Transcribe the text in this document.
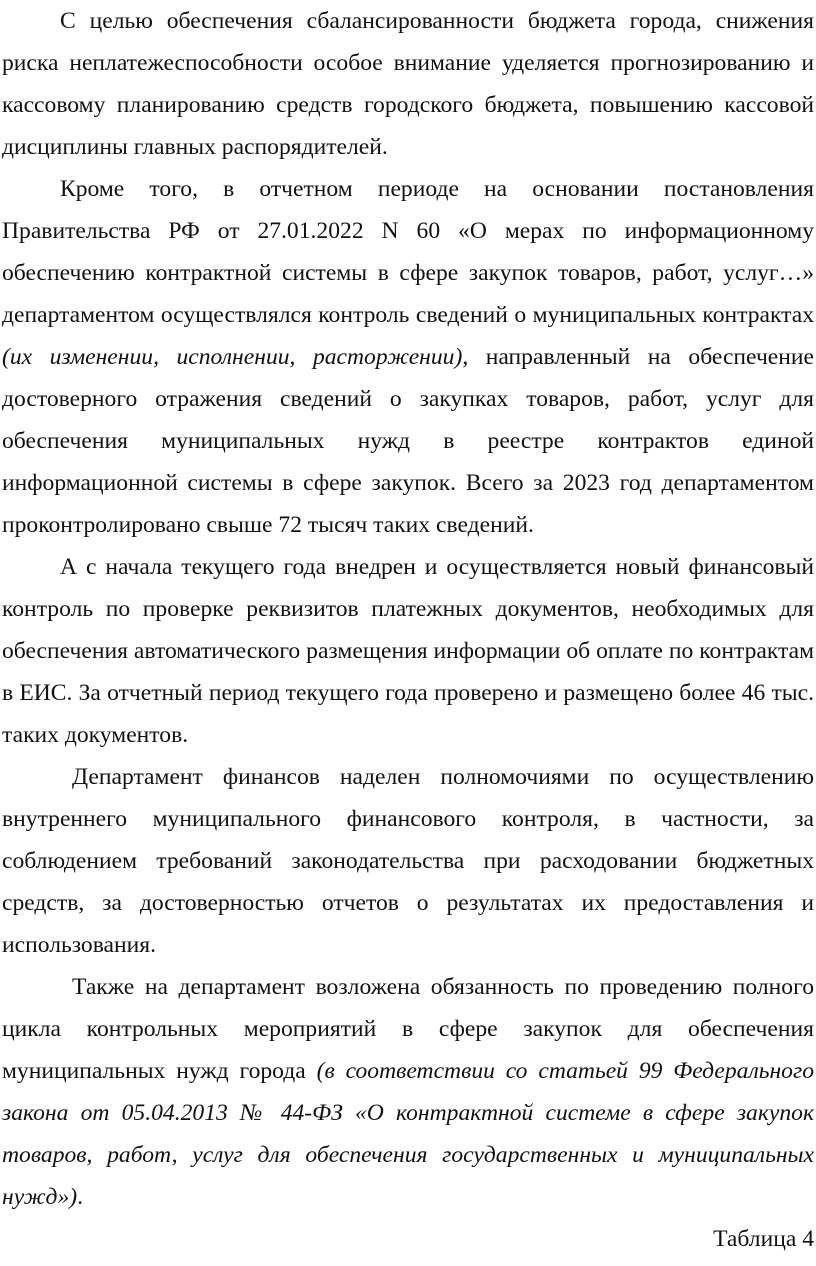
С целью обеспечения сбалансированности бюджета города, снижения риска неплатежеспособности особое внимание уделяется прогнозированию и кассовому планированию средств городского бюджета, повышению кассовой дисциплины главных распорядителей.

Кроме того, в отчетном периоде на основании постановления Правительства РФ от 27.01.2022 N 60 «О мерах по информационному обеспечению контрактной системы в сфере закупок товаров, работ, услуг…» департаментом осуществлялся контроль сведений о муниципальных контрактах (их изменении, исполнении, расторжении), направленный на обеспечение достоверного отражения сведений о закупках товаров, работ, услуг для обеспечения муниципальных нужд в реестре контрактов единой информационной системы в сфере закупок. Всего за 2023 год департаментом проконтролировано свыше 72 тысяч таких сведений.

А с начала текущего года внедрен и осуществляется новый финансовый контроль по проверке реквизитов платежных документов, необходимых для обеспечения автоматического размещения информации об оплате по контрактам в ЕИС. За отчетный период текущего года проверено и размещено более 46 тыс. таких документов.

Департамент финансов наделен полномочиями по осуществлению внутреннего муниципального финансового контроля, в частности, за соблюдением требований законодательства при расходовании бюджетных средств, за достоверностью отчетов о результатах их предоставления и использования.

Также на департамент возложена обязанность по проведению полного цикла контрольных мероприятий в сфере закупок для обеспечения муниципальных нужд города (в соответствии со статьей 99 Федерального закона от 05.04.2013 № 44-ФЗ «О контрактной системе в сфере закупок товаров, работ, услуг для обеспечения государственных и муниципальных нужд»).

Таблица 4
